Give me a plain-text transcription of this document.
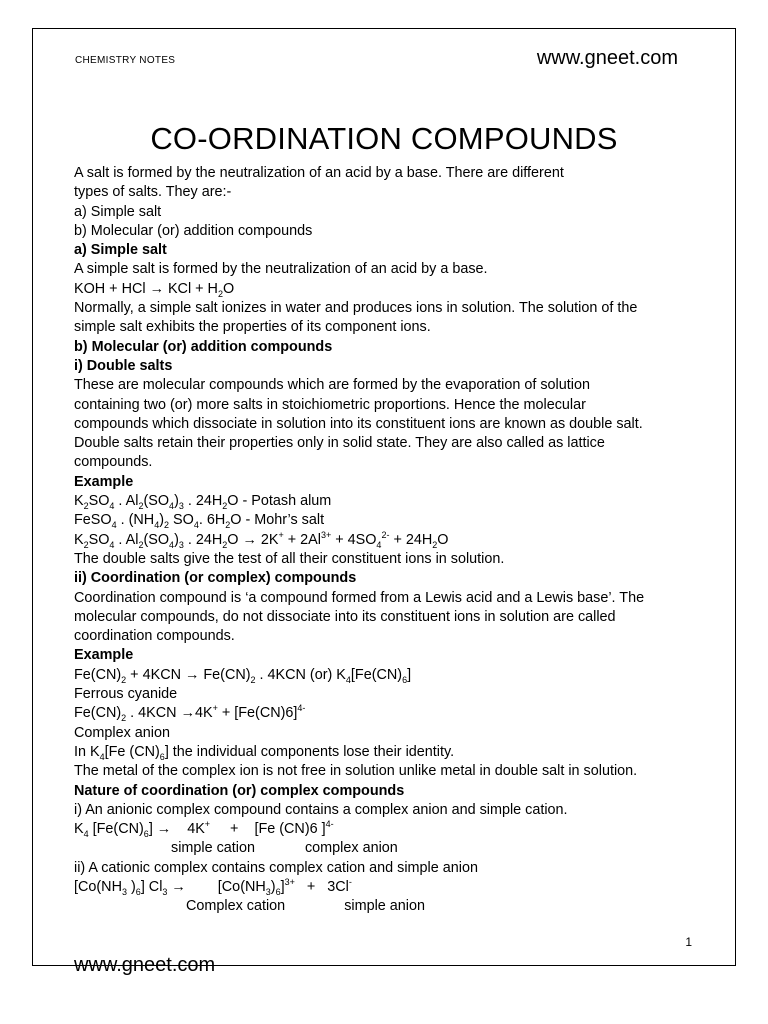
CHEMISTRY NOTES	www.gneet.com
CO-ORDINATION COMPOUNDS
A salt is formed by the neutralization of an acid by a base. There are different
types of salts. They are:-
a) Simple salt
b) Molecular (or) addition compounds
a) Simple salt
A simple salt is formed by the neutralization of an acid by a base.
KOH + HCl → KCl + $H_2O$
Normally, a simple salt ionizes in water and produces ions in solution. The solution of the
simple salt exhibits the properties of its component ions.
b) Molecular (or) addition compounds
i) Double salts
These are molecular compounds which are formed by the evaporation of solution
containing two (or) more salts in stoichiometric proportions. Hence the molecular
compounds which dissociate in solution into its constituent ions are known as double salt.
Double salts retain their properties only in solid state. They are also called as lattice
compounds.
Example
$K_2SO_4$ . $Al_2(SO_4)_3$ . $24H_2O$ - Potash alum
FeSO$_4$ . $(NH_4)_2$ $SO_4$. $6H_2O$ - Mohr’s salt
$K_2SO_4$ . $Al_2(SO_4)_3$ . $24H_2O \to 2K^+ + 2Al^{3+} + 4SO_4^{2-} + 24H_2O$
The double salts give the test of all their constituent ions in solution.
ii) Coordination (or complex) compounds
Coordination compound is ‘a compound formed from a Lewis acid and a Lewis base’. The
molecular compounds, do not dissociate into its constituent ions in solution are called
coordination compounds.
Example
$Fe(CN)_2 + 4KCN \to Fe(CN)_2$ . 4KCN (or) $K_4[Fe(CN)_6]$
Ferrous cyanide
$Fe(CN)_2$ . $4KCN \to 4K^+ + [Fe(CN)6]^{4-}$
Complex anion
In $K_4[Fe$ $(CN)_6$] the individual components lose their identity.
The metal of the complex ion is not free in solution unlike metal in double salt in solution.
Nature of coordination (or) complex compounds
i) An anionic complex compound contains a complex anion and simple cation.
$K_4$ $[Fe(CN)_6]$ →    4K+     +    [Fe (CN)6 ]$^{4-}$
simple cation	complex anion
ii) A cationic complex contains complex cation and simple anion
[$Co(NH_3$ )$_6$] $Cl_3$ →        $[Co(NH_3)_6]^{3+} + 3Cl^-$
Complex cation	simple anion
1
www.gneet.com
